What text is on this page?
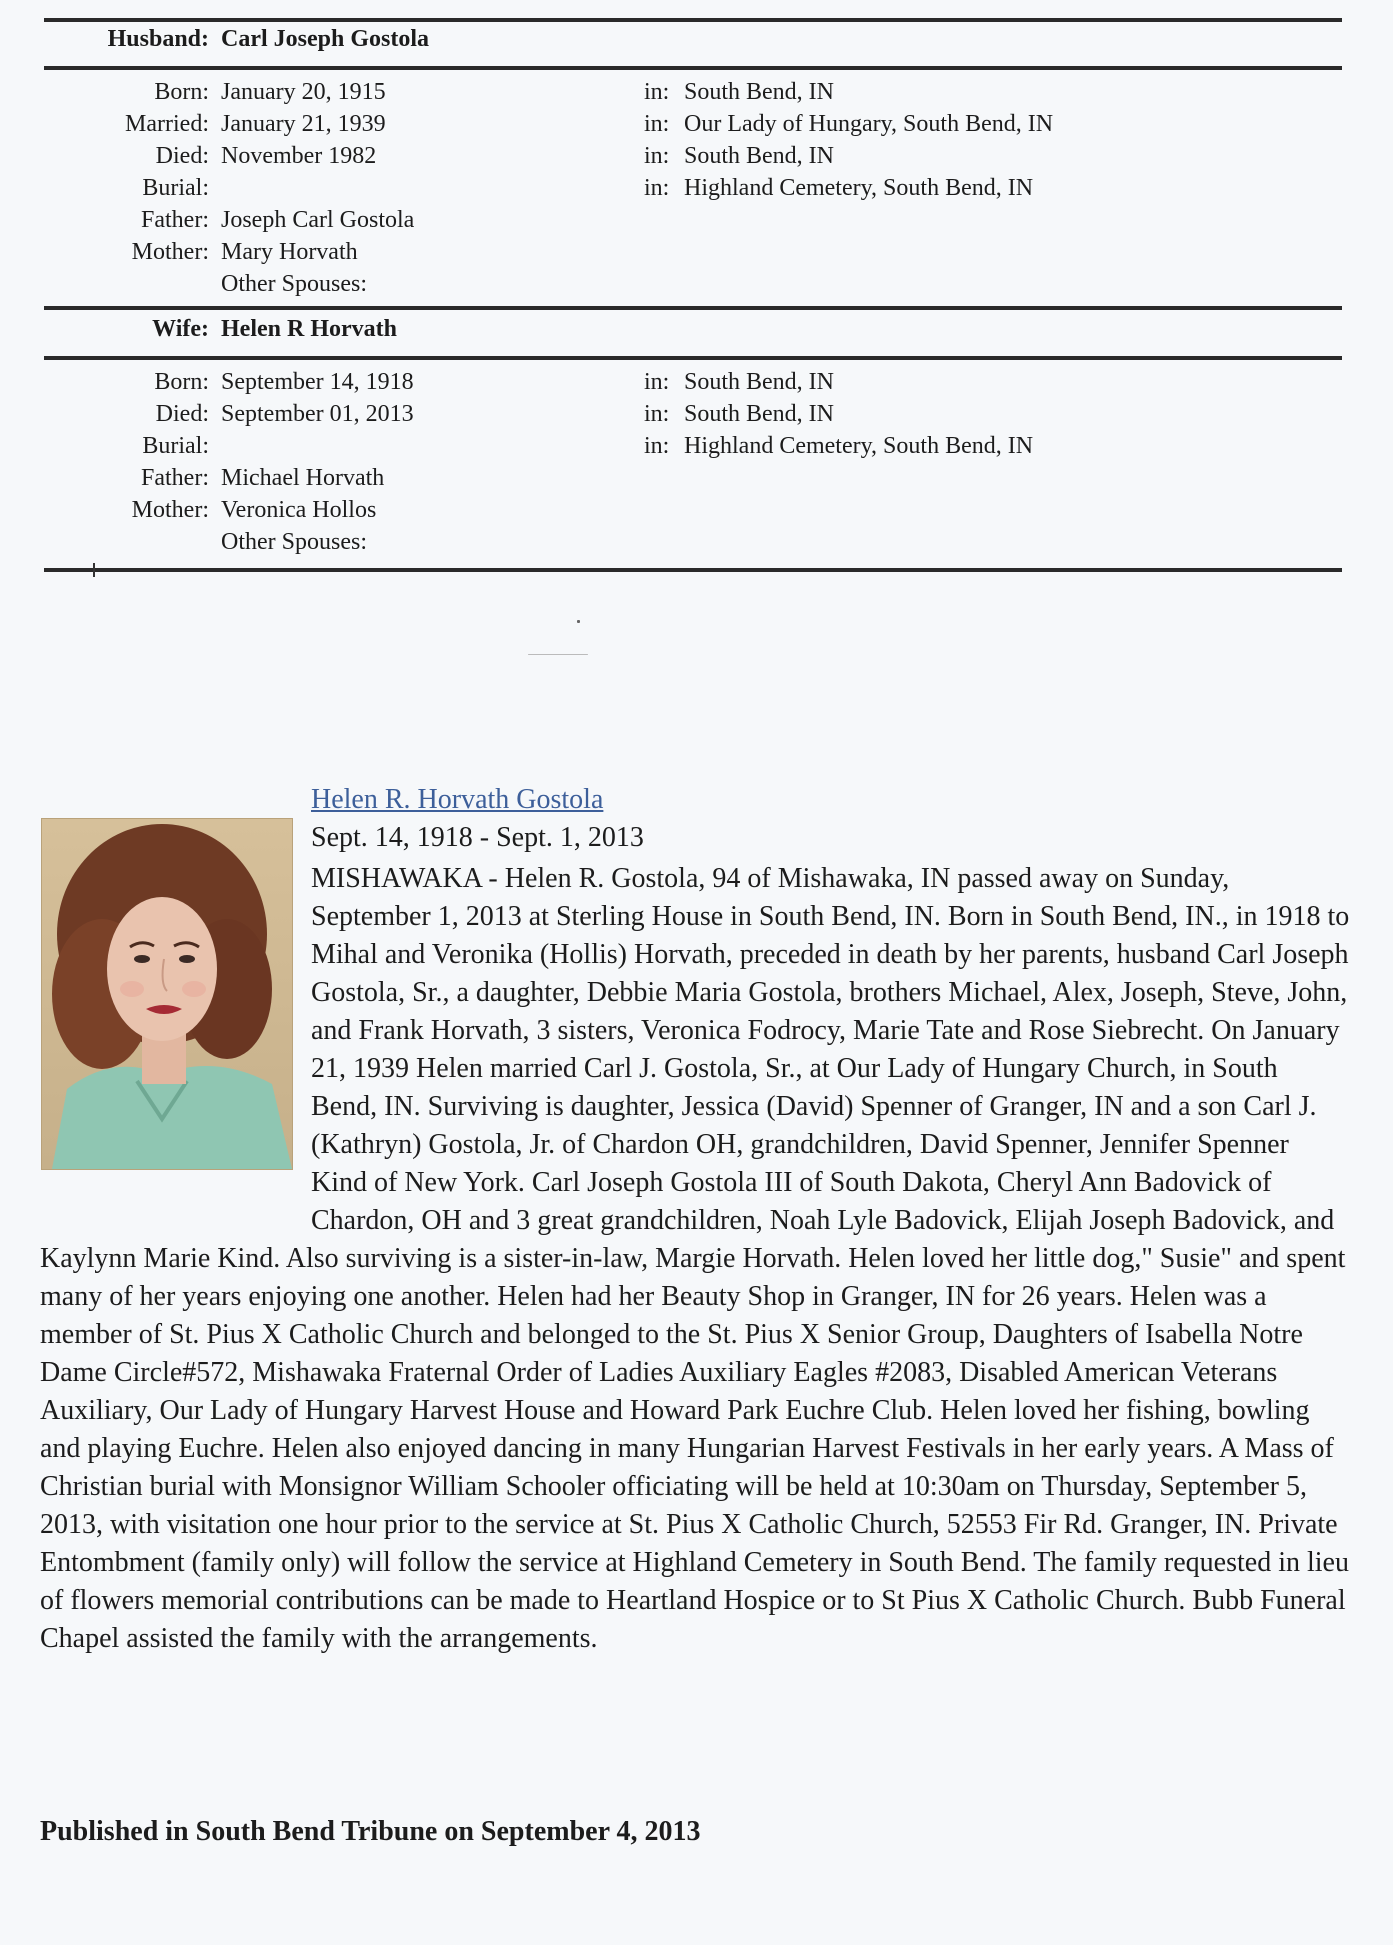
Husband: Carl Joseph Gostola
Born: January 20, 1915	in: South Bend, IN
Married: January 21, 1939	in: Our Lady of Hungary, South Bend, IN
Died: November 1982	in: South Bend, IN
Burial:	in: Highland Cemetery, South Bend, IN
Father: Joseph Carl Gostola
Mother: Mary Horvath
Other Spouses:
Wife: Helen R Horvath
Born: September 14, 1918	in: South Bend, IN
Died: September 01, 2013	in: South Bend, IN
Burial:	in: Highland Cemetery, South Bend, IN
Father: Michael Horvath
Mother: Veronica Hollos
Other Spouses:
Helen R. Horvath Gostola
Sept. 14, 1918 - Sept. 1, 2013

MISHAWAKA - Helen R. Gostola, 94 of Mishawaka, IN passed away on Sunday, September 1, 2013 at Sterling House in South Bend, IN. Born in South Bend, IN., in 1918 to Mihal and Veronika (Hollis) Horvath, preceded in death by her parents, husband Carl Joseph Gostola, Sr., a daughter, Debbie Maria Gostola, brothers Michael, Alex, Joseph, Steve, John, and Frank Horvath, 3 sisters, Veronica Fodrocy, Marie Tate and Rose Siebrecht. On January 21, 1939 Helen married Carl J. Gostola, Sr., at Our Lady of Hungary Church, in South Bend, IN. Surviving is daughter, Jessica (David) Spenner of Granger, IN and a son Carl J. (Kathryn) Gostola, Jr. of Chardon OH, grandchildren, David Spenner, Jennifer Spenner Kind of New York. Carl Joseph Gostola III of South Dakota, Cheryl Ann Badovick of Chardon, OH and 3 great grandchildren, Noah Lyle Badovick, Elijah Joseph Badovick, and Kaylynn Marie Kind. Also surviving is a sister-in-law, Margie Horvath. Helen loved her little dog," Susie" and spent many of her years enjoying one another. Helen had her Beauty Shop in Granger, IN for 26 years. Helen was a member of St. Pius X Catholic Church and belonged to the St. Pius X Senior Group, Daughters of Isabella Notre Dame Circle#572, Mishawaka Fraternal Order of Ladies Auxiliary Eagles #2083, Disabled American Veterans Auxiliary, Our Lady of Hungary Harvest House and Howard Park Euchre Club. Helen loved her fishing, bowling and playing Euchre. Helen also enjoyed dancing in many Hungarian Harvest Festivals in her early years. A Mass of Christian burial with Monsignor William Schooler officiating will be held at 10:30am on Thursday, September 5, 2013, with visitation one hour prior to the service at St. Pius X Catholic Church, 52553 Fir Rd. Granger, IN. Private Entombment (family only) will follow the service at Highland Cemetery in South Bend. The family requested in lieu of flowers memorial contributions can be made to Heartland Hospice or to St Pius X Catholic Church. Bubb Funeral Chapel assisted the family with the arrangements.

Published in South Bend Tribune on September 4, 2013
